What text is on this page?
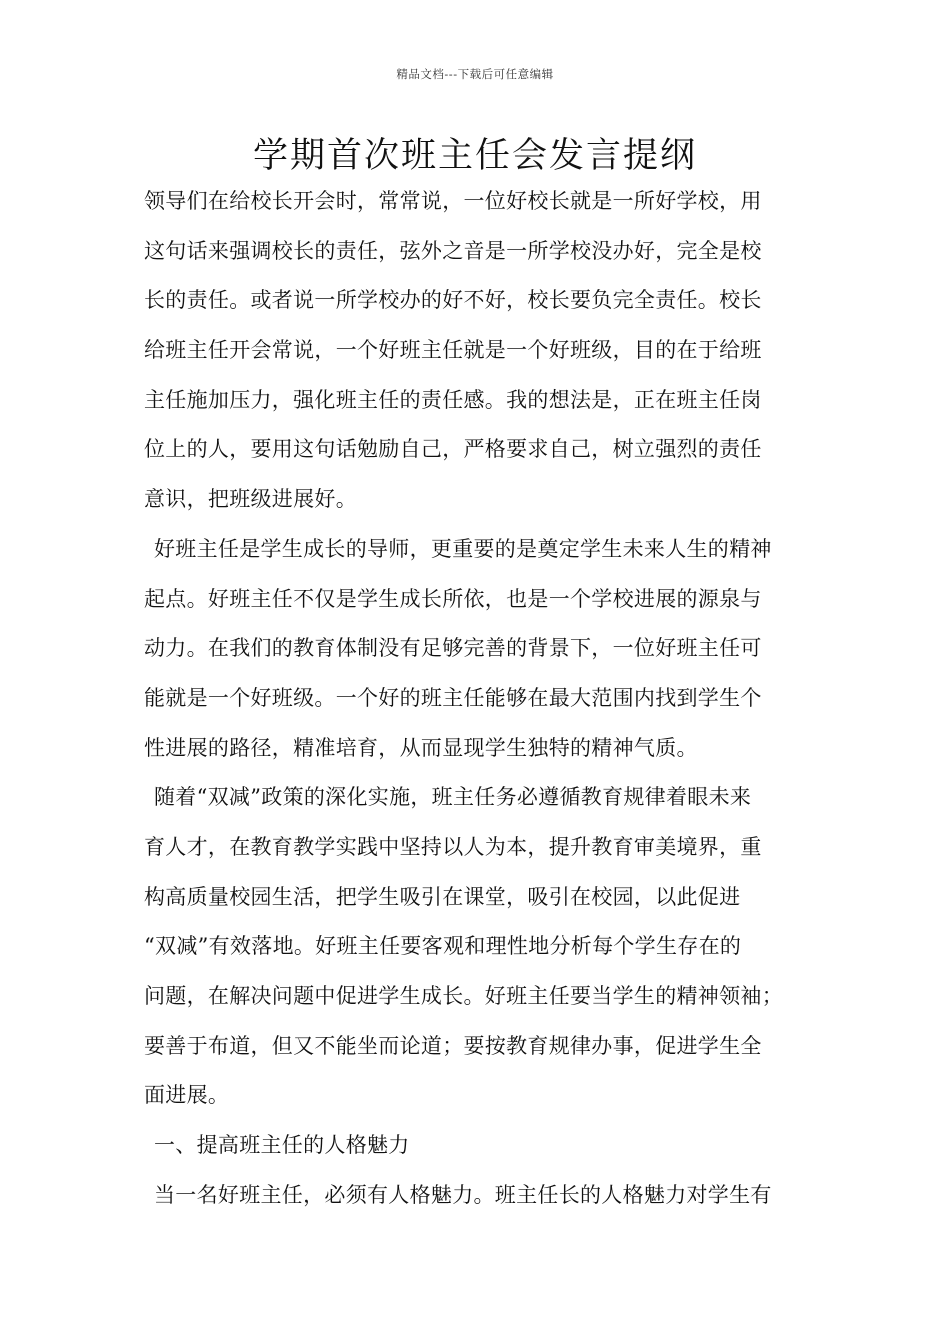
精品文档---下载后可任意编辑
学期首次班主任会发言提纲
领导们在给校长开会时，常常说，一位好校长就是一所好学校，用
这句话来强调校长的责任，弦外之音是一所学校没办好，完全是校
长的责任。或者说一所学校办的好不好，校长要负完全责任。校长
给班主任开会常说，一个好班主任就是一个好班级，目的在于给班
主任施加压力，强化班主任的责任感。我的想法是，正在班主任岗
位上的人，要用这句话勉励自己，严格要求自己，树立强烈的责任
意识，把班级进展好。
好班主任是学生成长的导师，更重要的是奠定学生未来人生的精神
起点。好班主任不仅是学生成长所依，也是一个学校进展的源泉与
动力。在我们的教育体制没有足够完善的背景下，一位好班主任可
能就是一个好班级。一个好的班主任能够在最大范围内找到学生个
性进展的路径，精准培育，从而显现学生独特的精神气质。
随着“双减”政策的深化实施，班主任务必遵循教育规律着眼未来
育人才，在教育教学实践中坚持以人为本，提升教育审美境界，重
构高质量校园生活，把学生吸引在课堂，吸引在校园，以此促进
“双减”有效落地。好班主任要客观和理性地分析每个学生存在的
问题，在解决问题中促进学生成长。好班主任要当学生的精神领袖；
要善于布道，但又不能坐而论道；要按教育规律办事，促进学生全
面进展。
一、提高班主任的人格魅力
当一名好班主任，必须有人格魅力。班主任长的人格魅力对学生有
